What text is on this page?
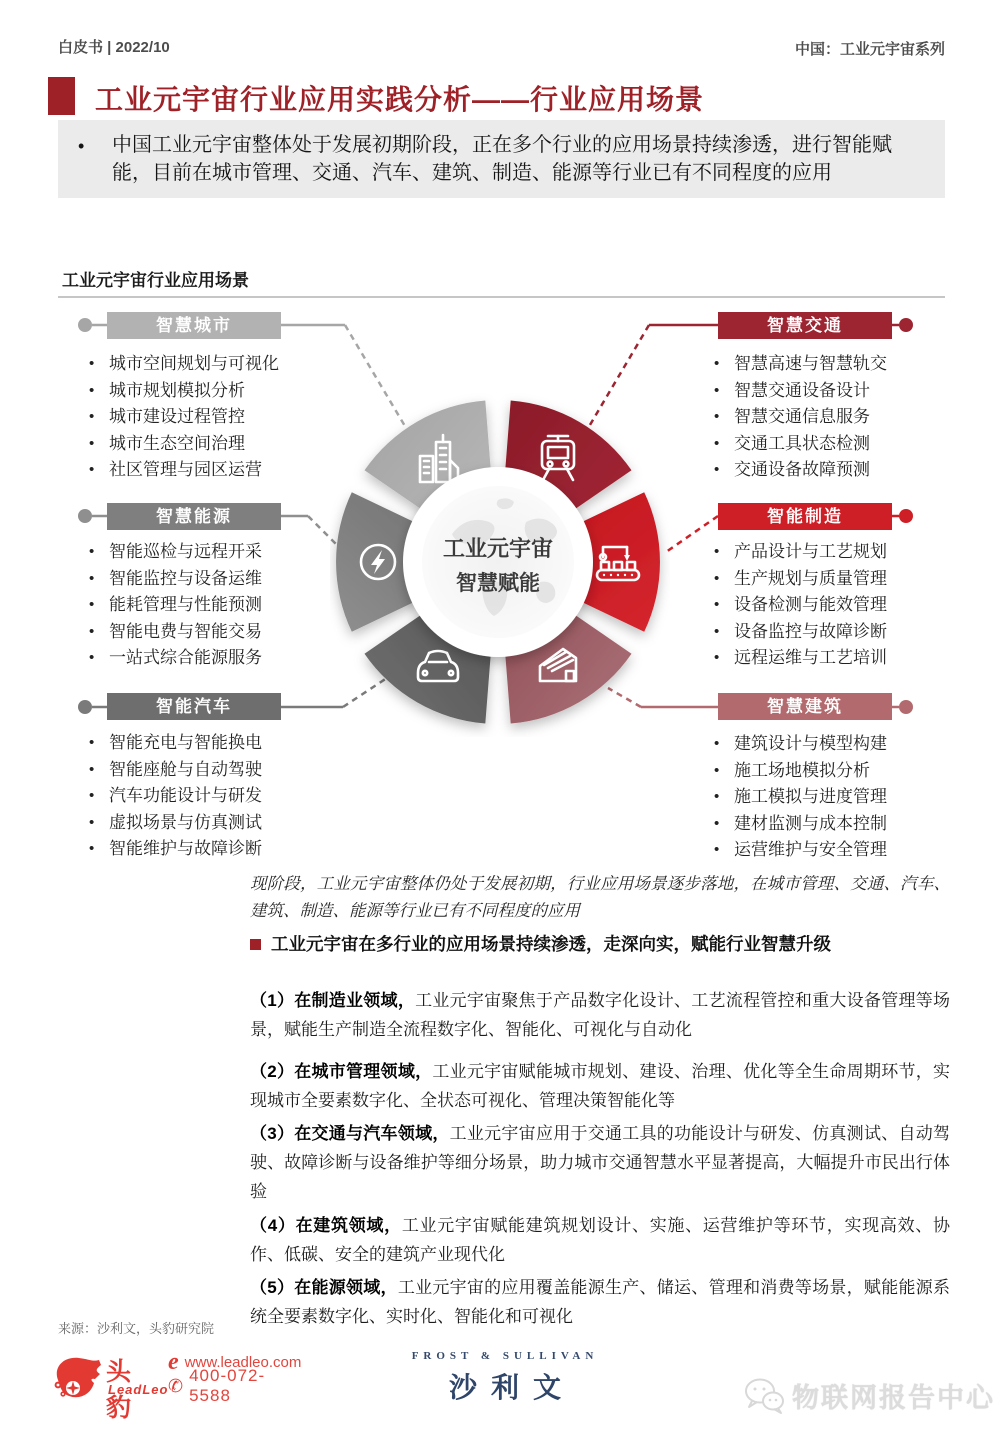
白皮书 | 2022/10	中国：工业元宇宙系列
工业元宇宙行业应用实践分析——行业应用场景
• 中国工业元宇宙整体处于发展初期阶段，正在多个行业的应用场景持续渗透，进行智能赋能，目前在城市管理、交通、汽车、建筑、制造、能源等行业已有不同程度的应用
工业元宇宙行业应用场景
工业元宇宙
智慧赋能
智慧城市
智慧能源
智能汽车
智慧交通
智能制造
智慧建筑
• 城市空间规划与可视化
• 城市规划模拟分析
• 城市建设过程管控
• 城市生态空间治理
• 社区管理与园区运营
• 智能巡检与远程开采
• 智能监控与设备运维
• 能耗管理与性能预测
• 智能电费与智能交易
• 一站式综合能源服务
• 智能充电与智能换电
• 智能座舱与自动驾驶
• 汽车功能设计与研发
• 虚拟场景与仿真测试
• 智能维护与故障诊断
• 智慧高速与智慧轨交
• 智慧交通设备设计
• 智慧交通信息服务
• 交通工具状态检测
• 交通设备故障预测
• 产品设计与工艺规划
• 生产规划与质量管理
• 设备检测与能效管理
• 设备监控与故障诊断
• 远程运维与工艺培训
• 建筑设计与模型构建
• 施工场地模拟分析
• 施工模拟与进度管理
• 建材监测与成本控制
• 运营维护与安全管理
现阶段，工业元宇宙整体仍处于发展初期，行业应用场景逐步落地，在城市管理、交通、汽车、建筑、制造、能源等行业已有不同程度的应用
工业元宇宙在多行业的应用场景持续渗透，走深向实，赋能行业智慧升级

（1）在制造业领域，工业元宇宙聚焦于产品数字化设计、工艺流程管控和重大设备管理等场景，赋能生产制造全流程数字化、智能化、可视化与自动化

（2）在城市管理领域，工业元宇宙赋能城市规划、建设、治理、优化等全生命周期环节，实现城市全要素数字化、全状态可视化、管理决策智能化等

（3）在交通与汽车领域，工业元宇宙应用于交通工具的功能设计与研发、仿真测试、自动驾驶、故障诊断与设备维护等细分场景，助力城市交通智慧水平显著提高，大幅提升市民出行体验

（4）在建筑领域，工业元宇宙赋能建筑规划设计、实施、运营维护等环节，实现高效、协作、低碳、安全的建筑产业现代化

（5）在能源领域，工业元宇宙的应用覆盖能源生产、储运、管理和消费等场景，赋能能源系统全要素数字化、实时化、智能化和可视化

来源：沙利文，头豹研究院
头豹
LeadLeo
e www.leadleo.com
✆ 400-072-5588
FROST & SULLIVAN
沙利文	物联网报告中心
